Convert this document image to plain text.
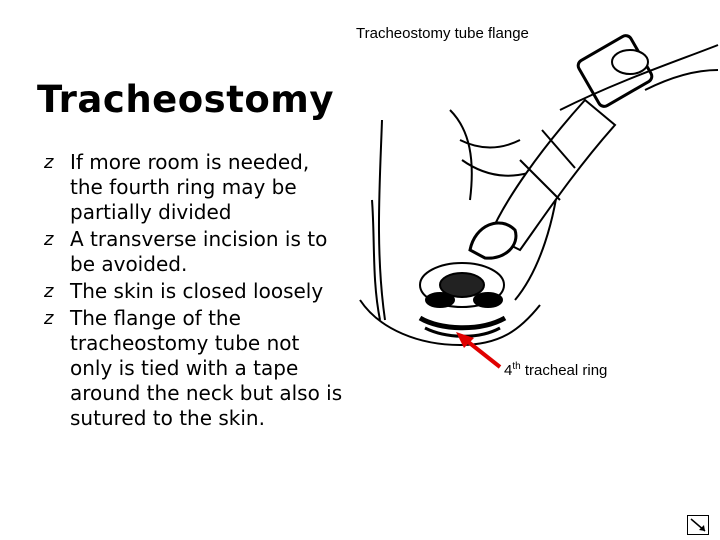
Tracheostomy
z If more room is needed, the fourth ring may be partially divided
z A transverse incision is to be avoided.
z The skin is closed loosely
z The flange of the tracheostomy tube not only is tied with a tape around the neck but also is sutured to the skin.
Tracheostomy tube flange
4th tracheal ring
